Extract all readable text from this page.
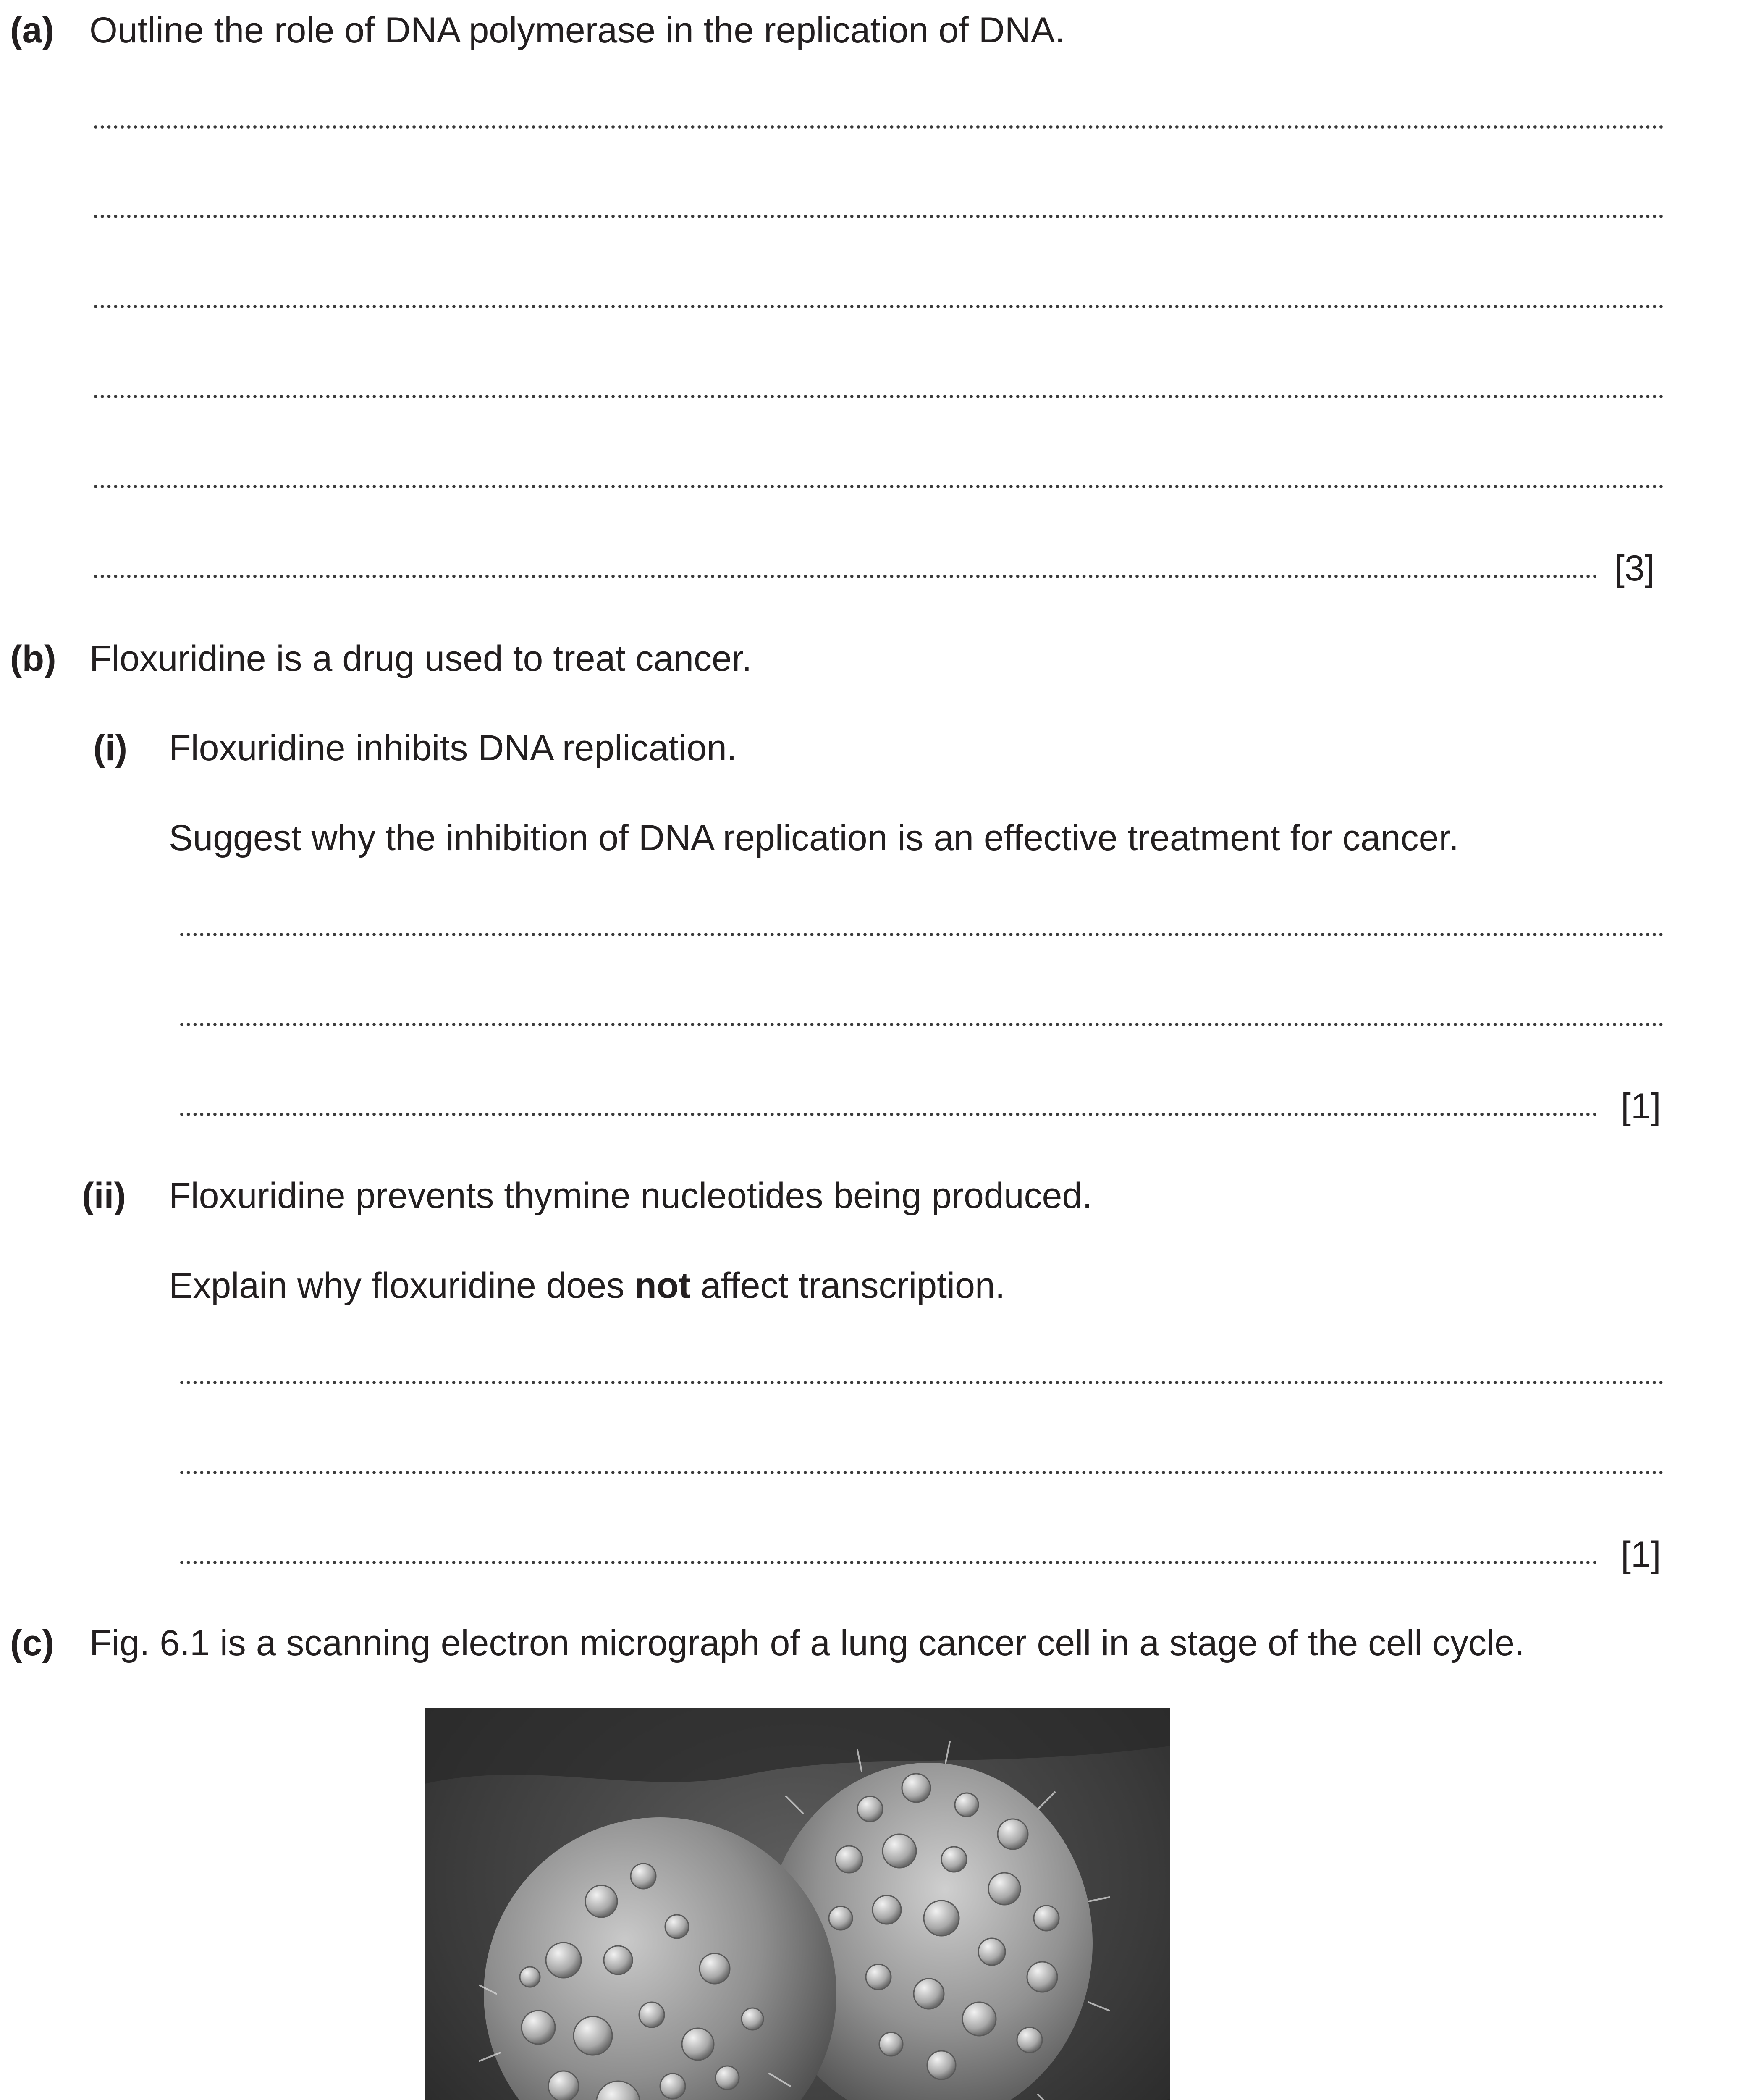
(a) Outline the role of DNA polymerase in the replication of DNA.
[3]
(b) Floxuridine is a drug used to treat cancer.
(i) Floxuridine inhibits DNA replication.
Suggest why the inhibition of DNA replication is an effective treatment for cancer.
[1]
(ii) Floxuridine prevents thymine nucleotides being produced.
Explain why floxuridine does not affect transcription.
[1]
(c) Fig. 6.1 is a scanning electron micrograph of a lung cancer cell in a stage of the cell cycle.
